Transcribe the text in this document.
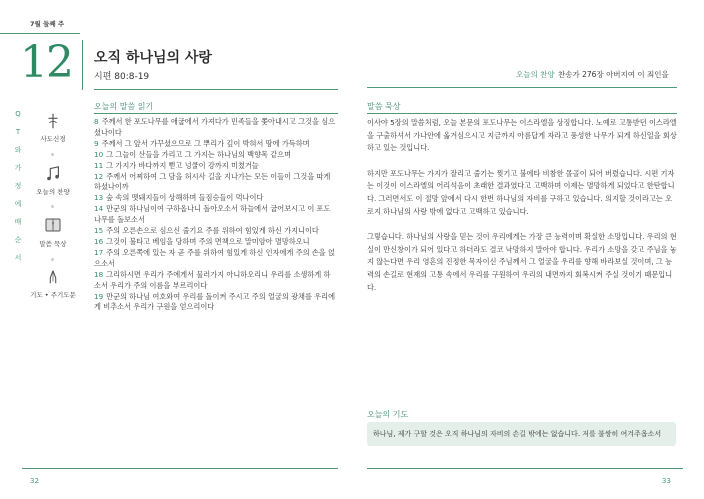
7월 둘째 주
12 오직 하나님의 사랑
시편 80:8-19
Q

T

와

가

정

예

배

순

서
사도신경
오늘의 찬양
말씀 묵상
기도 • 주기도문
오늘의 말씀 읽기
8 주께서 한 포도나무를 애굽에서 가져다가 민족들을 쫓아내시고 그것을 심으셨나이다
9 주께서 그 앞서 가꾸셨으므로 그 뿌리가 깊이 박혀서 땅에 가득하며
10 그 그늘이 산들을 가리고 그 가지는 하나님의 백향목 같으며
11 그 가지가 바다까지 뻗고 넝쿨이 강까지 미쳤거늘
12 주께서 어찌하여 그 담을 허시사 길을 지나가는 모든 이들이 그것을 따게 하셨나이까
13 숲 속의 멧돼지들이 상해하며 들짐승들이 먹나이다
14 만군의 하나님이여 구하옵나니 돌아오소서 하늘에서 굽어보시고 이 포도나무를 돌보소서
15 주의 오른손으로 심으신 줄기요 주를 위하여 힘있게 하신 가지니이다
16 그것이 불타고 베임을 당하며 주의 면책으로 말미암아 멸망하오니
17 주의 오른쪽에 있는 자 곧 주를 위하여 힘있게 하신 인자에게 주의 손을 얹으소서
18 그리하시면 우리가 주에게서 물러가지 아니하오리니 우리를 소생하게 하소서 우리가 주의 이름을 부르리이다
19 만군의 하나님 여호와여 우리를 돌이켜 주시고 주의 얼굴의 광채를 우리에게 비추소서 우리가 구원을 얻으리이다
32
오늘의 찬양 찬송가 276장 아버지여 이 죄인을
말씀 묵상

이사야 5장의 말씀처럼, 오늘 본문의 포도나무는 이스라엘을 상징합니다. 노예로 고통받던 이스라엘을 구출하셔서 가나안에 옮겨심으시고 지금까지 아름답게 자라고 풍성한 나무가 되게 하신일을 회상하고 있는 것입니다.

하지만 포도나무는 가지가 잘리고 줄기는 찢기고 불에타 비참한 몰골이 되어 버렸습니다. 시편 기자는 이것이 이스라엘의 어리석음이 초래한 결과였다고 고백하며 이제는 멸망하게 되었다고 한탄합니다. 그러면서도 이 절망 앞에서 다시 한번 하나님의 자비를 구하고 있습니다. 의지할 것이라고는 오로지 하나님의 사랑 밖에 없다고 고백하고 있습니다.

그렇습니다. 하나님의 사랑을 믿는 것이 우리에게는 가장 큰 능력이며 확실한 소망입니다. 우리의 현실이 만신창이가 되어 있다고 하더라도 결코 낙망하지 말아야 합니다. 우리가 소망을 갖고 주님을 놓지 않는다면 우리 영혼의 진정한 목자이신 주님께서 그 얼굴을 우리를 향해 바라보실 것이며, 그 능력의 손길로 현재의 고통 속에서 우리를 구원하여 우리의 내면까지 회복시켜 주실 것이기 때문입니다.

오늘의 기도
하나님, 제가 구할 것은 오직 하나님의 자비의 손길 밖에는 없습니다. 저를 불쌍히 여겨주옵소서
33
